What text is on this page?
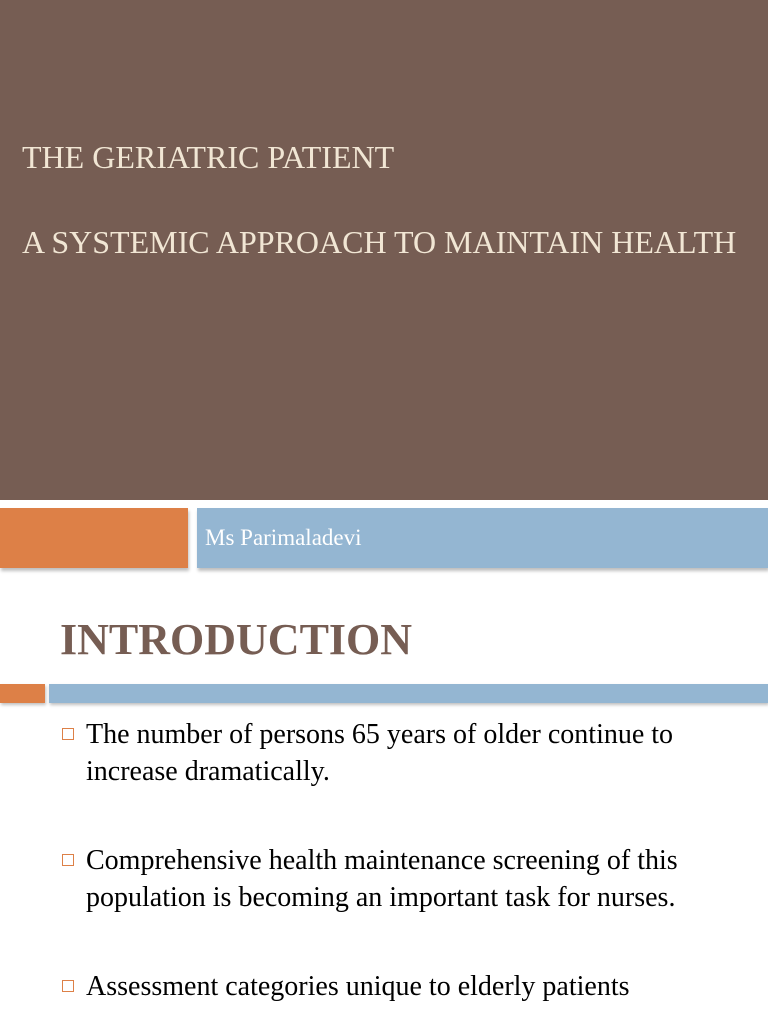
THE GERIATRIC PATIENT
A SYSTEMIC APPROACH TO MAINTAIN HEALTH
Ms Parimaladevi
INTRODUCTION
The number of persons 65 years of older continue to increase dramatically.
Comprehensive health maintenance screening of this population is becoming an important task for nurses.
Assessment categories unique to elderly patients
